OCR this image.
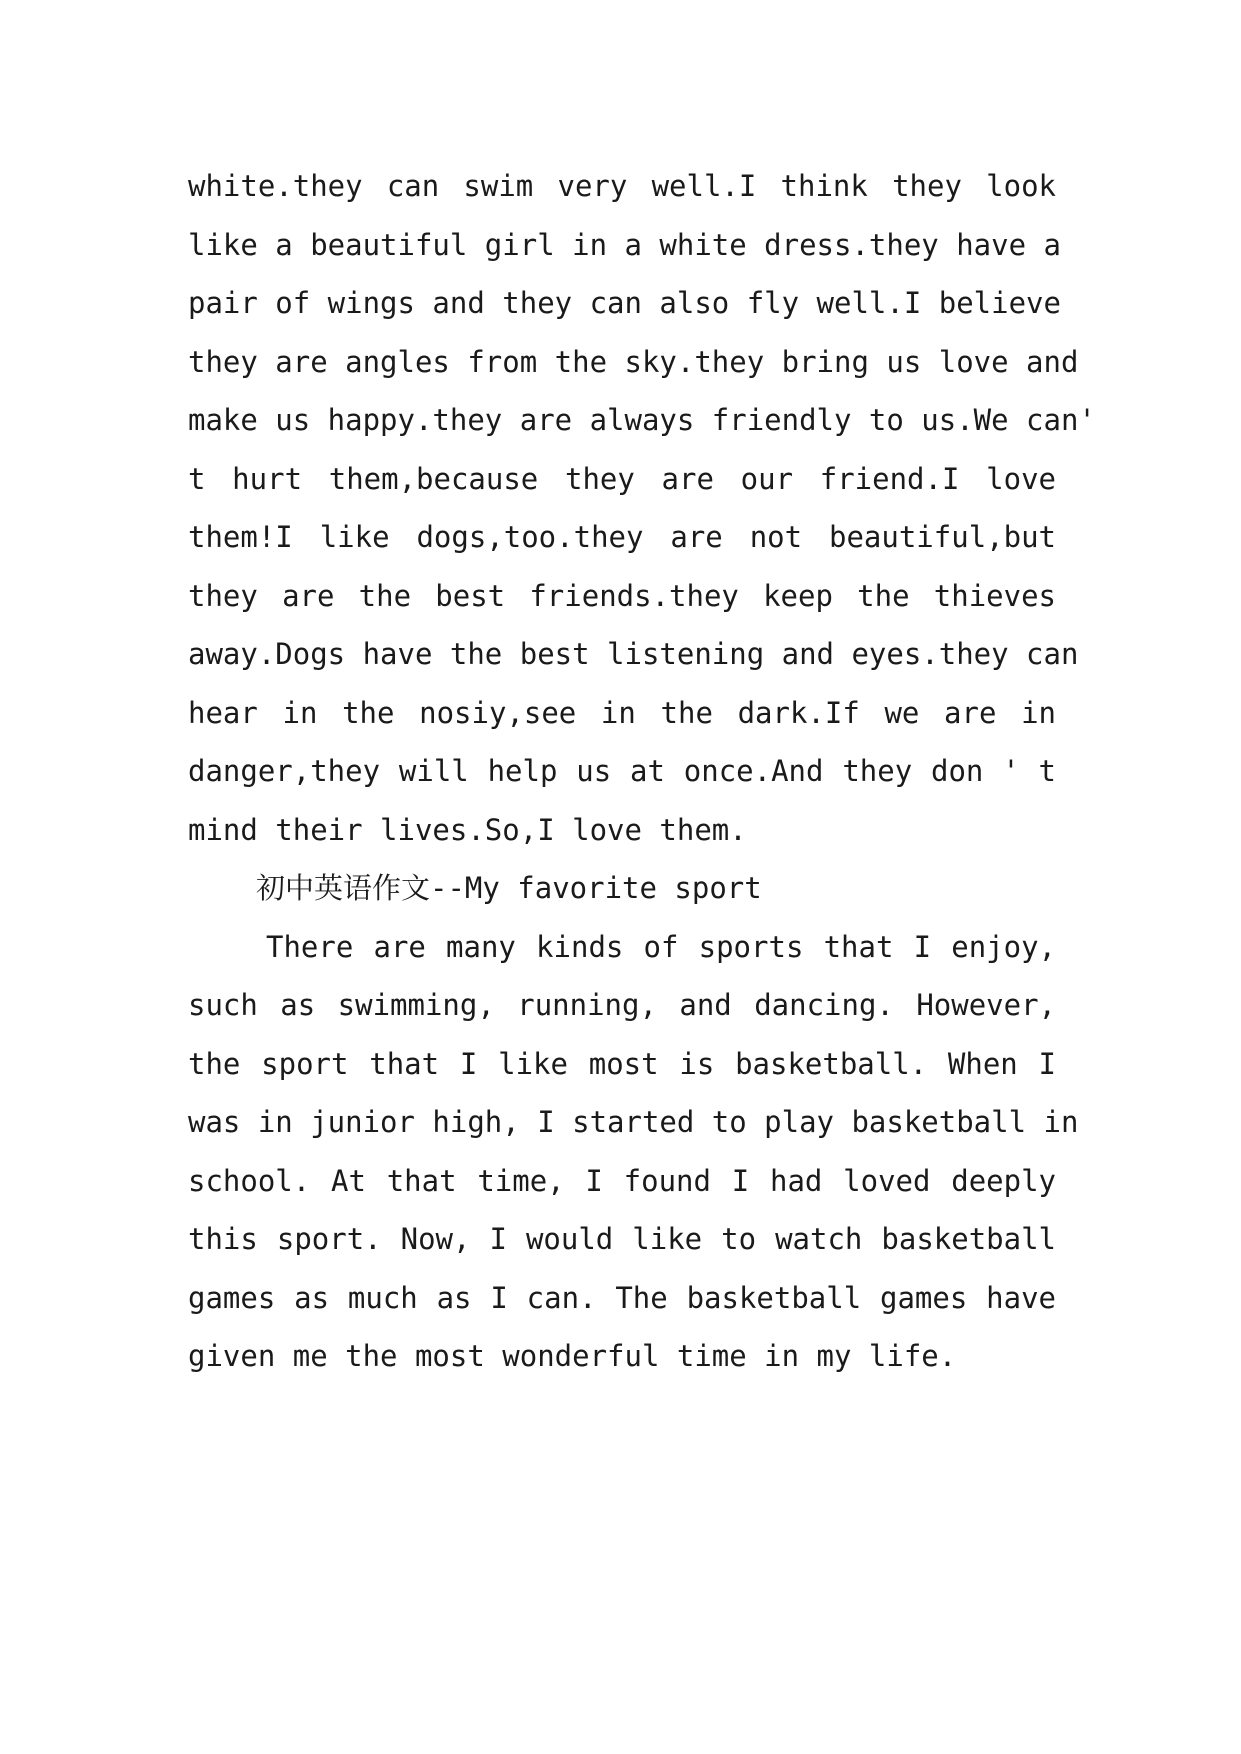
white.they can swim very well.I think they look
like a beautiful girl in a white dress.they have a
pair of wings and they can also fly well.I believe
they are angles from the sky.they bring us love and
make us happy.they are always friendly to us.We can'
t hurt them,because they are our friend.I love
them!I like dogs,too.they are not beautiful,but
they are the best friends.they keep the thieves
away.Dogs have the best listening and eyes.they can
hear in the nosiy,see in the dark.If we are in
danger,they will help us at once.And they don ' t
mind their lives.So,I love them.
初中英语作文--My favorite sport
There are many kinds of sports that I enjoy,
such as swimming, running, and dancing. However,
the sport that I like most is basketball. When I
was in junior high, I started to play basketball in
school. At that time, I found I had loved deeply
this sport. Now, I would like to watch basketball
games as much as I can. The basketball games have
given me the most wonderful time in my life.
